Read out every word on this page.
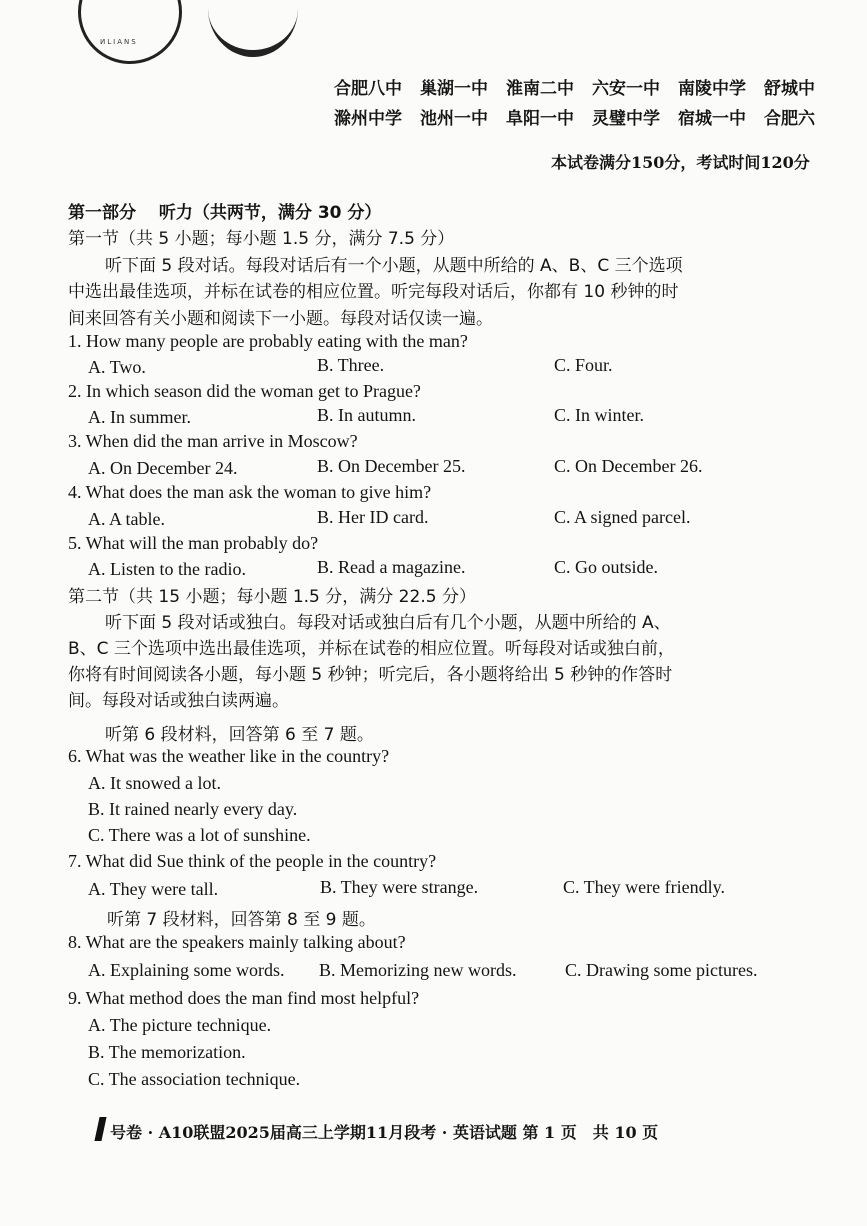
ИLIANS
合肥八中 巢湖一中 淮南二中 六安一中 南陵中学 舒城中
滁州中学 池州一中 阜阳一中 灵璧中学 宿城一中 合肥六
本试卷满分150分，考试时间120分
第一部分　 听力（共两节，满分 30 分）
第一节（共 5 小题；每小题 1.5 分，满分 7.5 分）
听下面 5 段对话。每段对话后有一个小题，从题中所给的 A、B、C 三个选项
中选出最佳选项，并标在试卷的相应位置。听完每段对话后，你都有 10 秒钟的时
间来回答有关小题和阅读下一小题。每段对话仅读一遍。
1. How many people are probably eating with the man?
A. Two.	B. Three.	C. Four.
2. In which season did the woman get to Prague?
A. In summer.	B. In autumn.	C. In winter.
3. When did the man arrive in Moscow?
A. On December 24.	B. On December 25.	C. On December 26.
4. What does the man ask the woman to give him?
A. A table.	B. Her ID card.	C. A signed parcel.
5. What will the man probably do?
A. Listen to the radio.	B. Read a magazine.	C. Go outside.
第二节（共 15 小题；每小题 1.5 分，满分 22.5 分）
听下面 5 段对话或独白。每段对话或独白后有几个小题，从题中所给的 A、
B、C 三个选项中选出最佳选项，并标在试卷的相应位置。听每段对话或独白前，
你将有时间阅读各小题，每小题 5 秒钟；听完后，各小题将给出 5 秒钟的作答时
间。每段对话或独白读两遍。
听第 6 段材料，回答第 6 至 7 题。
6. What was the weather like in the country?
A. It snowed a lot.
B. It rained nearly every day.
C. There was a lot of sunshine.
7. What did Sue think of the people in the country?
A. They were tall.	B. They were strange.	C. They were friendly.
听第 7 段材料，回答第 8 至 9 题。
8. What are the speakers mainly talking about?
A. Explaining some words. B. Memorizing new words.	C. Drawing some pictures.
9. What method does the man find most helpful?
A. The picture technique.
B. The memorization.
C. The association technique.
号卷 · A10联盟2025届高三上学期11月段考 · 英语试题 第 1 页　共 10 页
